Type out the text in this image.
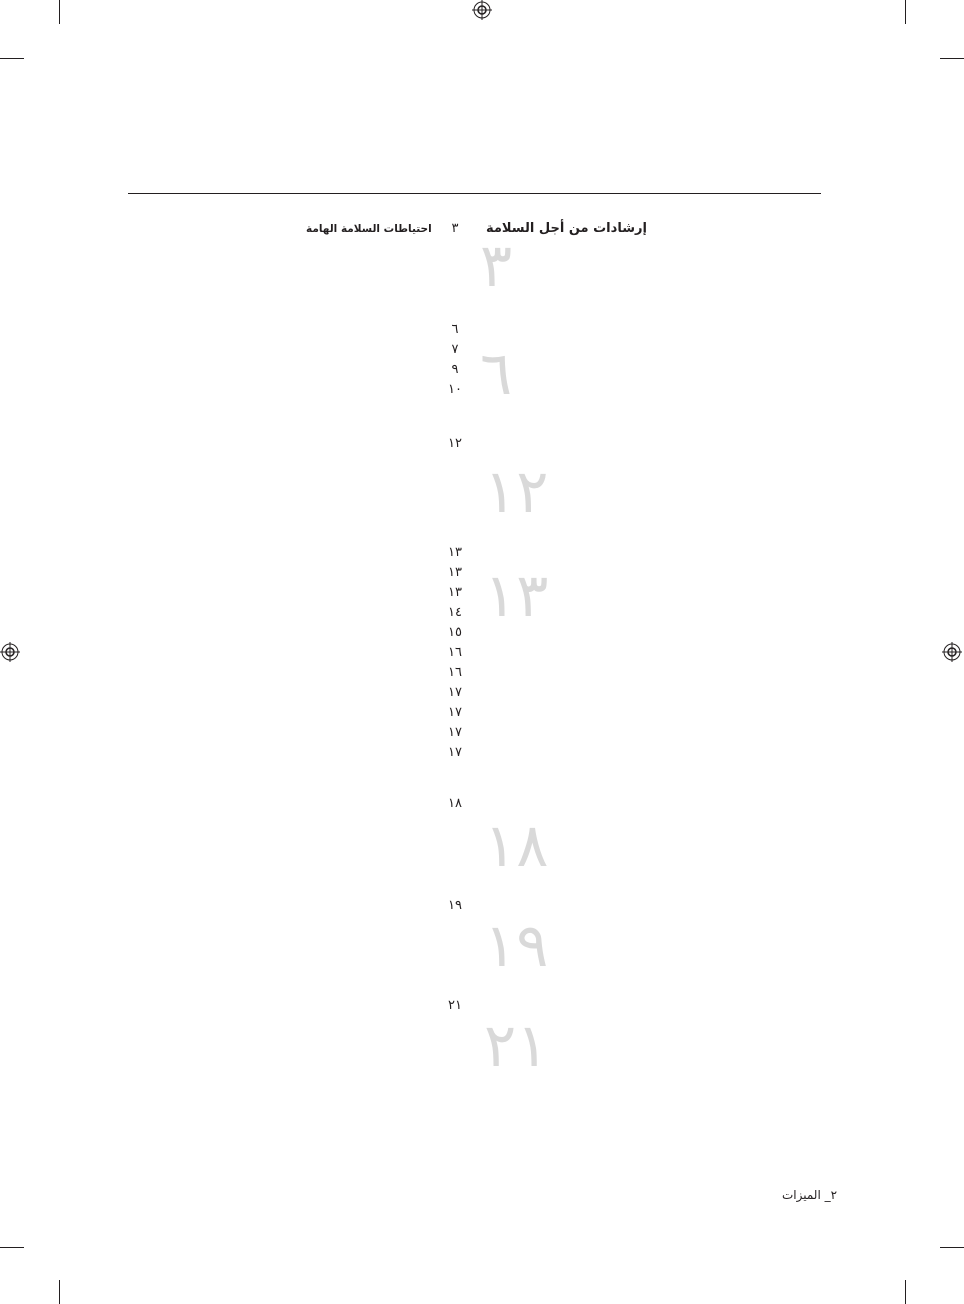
إرشادات من أجل السلامة
احتياطات السلامة الهامة	٣
٣
٦
٧
٩
١٠ ٦
١٢
١٢
١٣
١٣
١٣
١٤
١٥
١٦
١٦
١٧
١٧
١٧
١٧
١٣
١٨
١٨
١٩
١٩
٢١
٢١
٢_ الميزات
